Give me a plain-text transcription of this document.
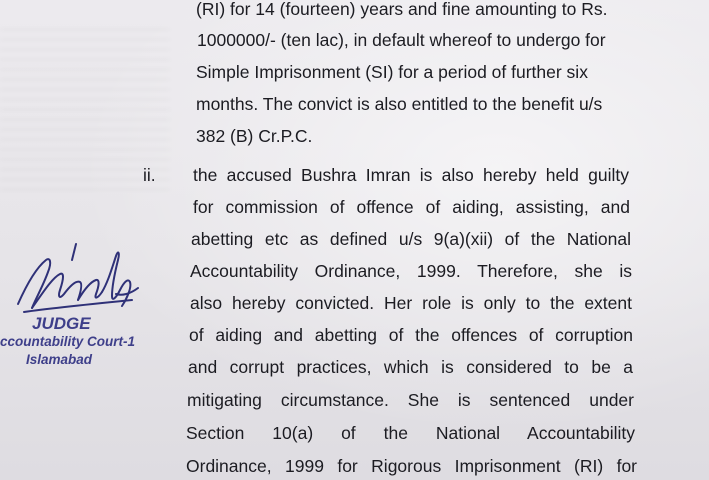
(RI) for 14 (fourteen) years and fine amounting to Rs.

1000000/- (ten lac), in default whereof to undergo for

Simple Imprisonment (SI) for a period of further six

months. The convict is also entitled to the benefit u/s

382 (B) Cr.P.C.

ii. the accused Bushra Imran is also hereby held guilty

for commission of offence of aiding, assisting, and

abetting etc as defined u/s 9(a)(xii) of the National

Accountability Ordinance, 1999. Therefore, she is

also hereby convicted. Her role is only to the extent

of aiding and abetting of the offences of corruption

and corrupt practices, which is considered to be a

mitigating circumstance. She is sentenced under

Section 10(a) of the National Accountability

Ordinance, 1999 for Rigorous Imprisonment (RI) for

JUDGE

ccountability Court-1

Islamabad
